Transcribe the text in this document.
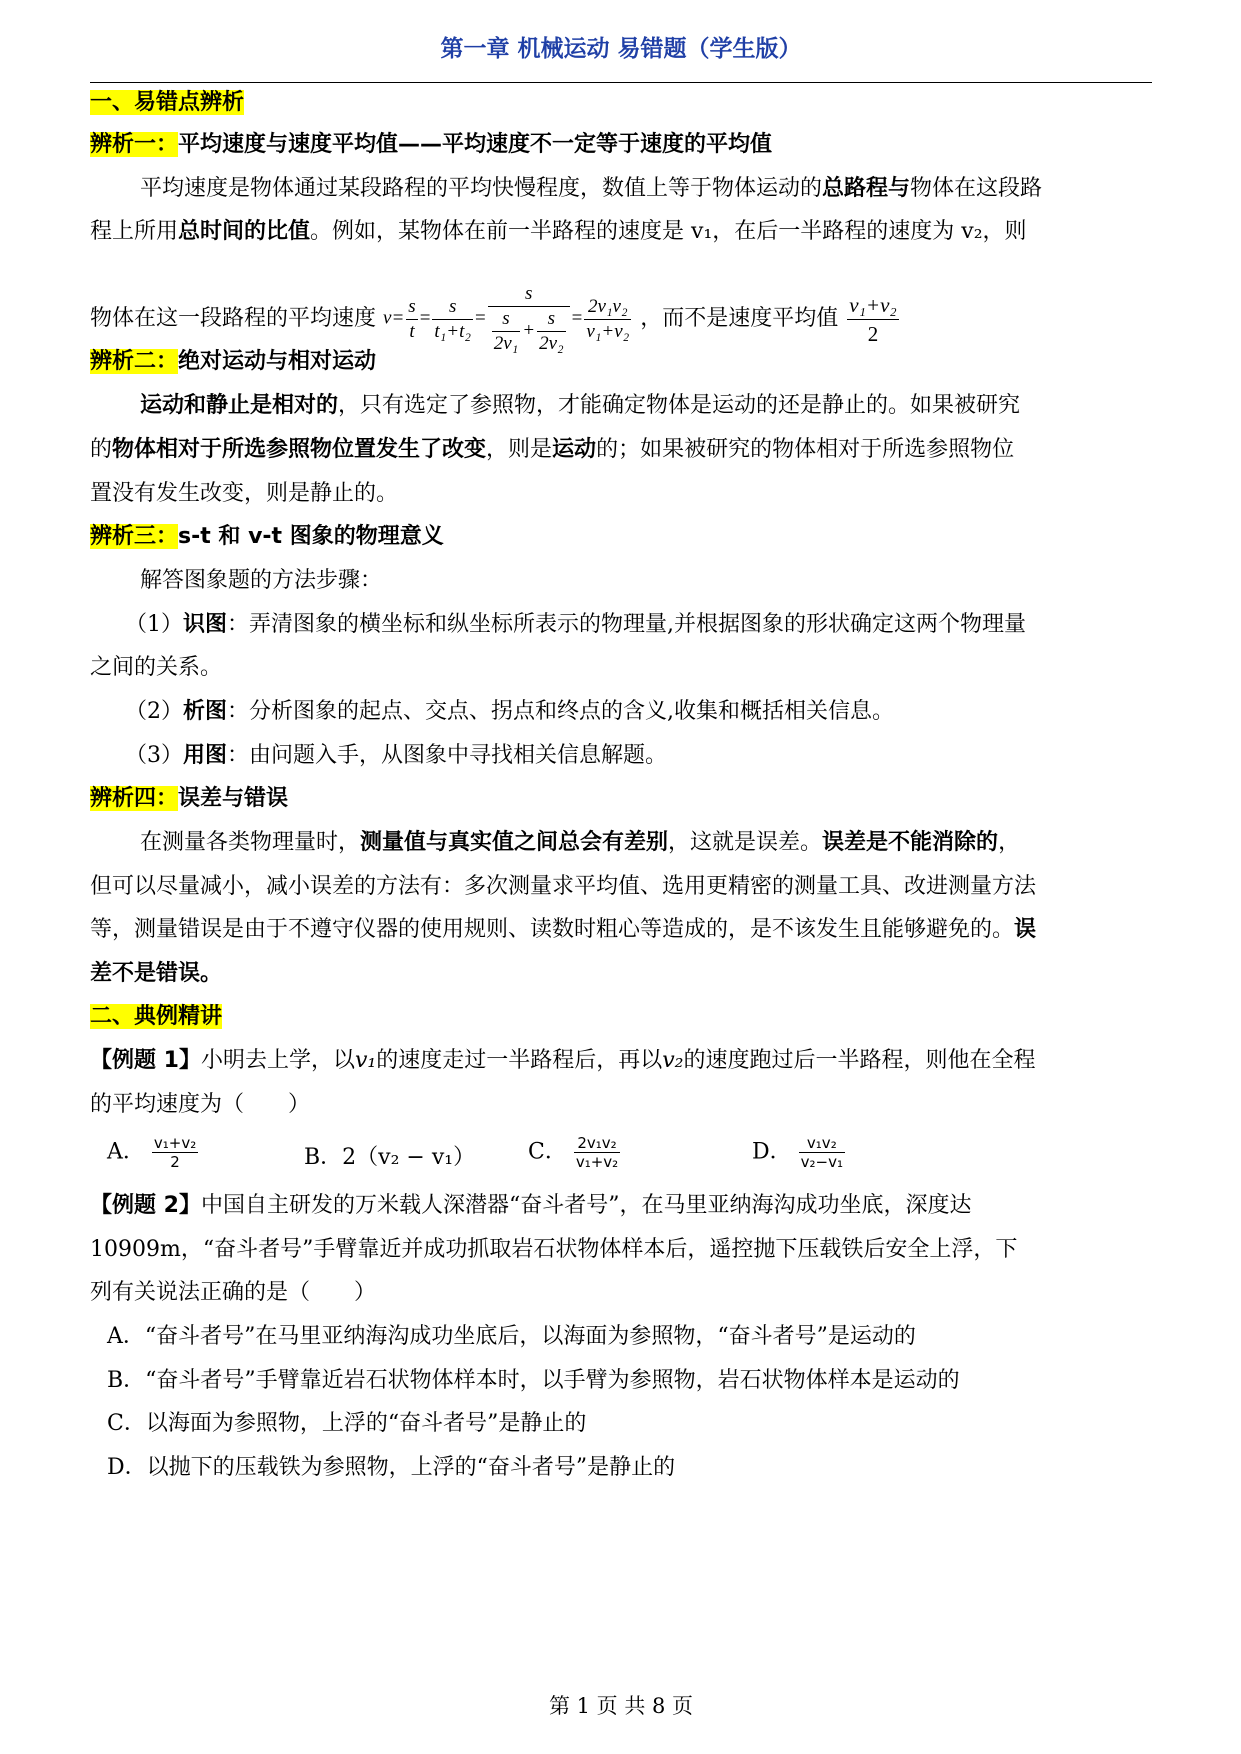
第一章 机械运动 易错题（学生版）
一、易错点辨析
辨析一：平均速度与速度平均值——平均速度不一定等于速度的平均值
平均速度是物体通过某段路程的平均快慢程度，数值上等于物体运动的总路程与物体在这段路
程上所用总时间的比值。例如，某物体在前一半路程的速度是 v₁，在后一半路程的速度为 v₂，则
物体在这一段路程的平均速度 $v= \frac{s}{t} = \frac{s}{\text{t₁+t₂}} = \frac{s}{\frac{s}{\text{2v₁}} + \frac{s}{\text{2v₂}}} = \frac{\text{2v₁v₂}}{\text{v₁+v₂}}$ ，而不是速度平均值 $\frac{\text{v₁+v₂}}{2}$
辨析二：绝对运动与相对运动
运动和静止是相对的，只有选定了参照物，才能确定物体是运动的还是静止的。如果被研究
的物体相对于所选参照物位置发生了改变，则是运动的；如果被研究的物体相对于所选参照物位
置没有发生改变，则是静止的。
辨析三：s-t 和 v-t 图象的物理意义
解答图象题的方法步骤：
（1）识图：弄清图象的横坐标和纵坐标所表示的物理量,并根据图象的形状确定这两个物理量
之间的关系。
（2）析图：分析图象的起点、交点、拐点和终点的含义,收集和概括相关信息。
（3）用图：由问题入手，从图象中寻找相关信息解题。
辨析四：误差与错误
在测量各类物理量时，测量值与真实值之间总会有差别，这就是误差。误差是不能消除的，
但可以尽量减小，减小误差的方法有：多次测量求平均值、选用更精密的测量工具、改进测量方法
等，测量错误是由于不遵守仪器的使用规则、读数时粗心等造成的，是不该发生且能够避免的。误
差不是错误。
二、典例精讲
【例题 1】小明去上学，以v₁的速度走过一半路程后，再以v₂的速度跑过后一半路程，则他在全程
的平均速度为（　　）
A． $\frac{\text{v₁+v₂}}{2}$	B．2（v₂ − v₁） C． $\frac{\text{2v₁v₂}}{\text{v₁+v₂}}$	D． $\frac{\text{v₁v₂}}{\text{v₂−v₁}}$
【例题 2】中国自主研发的万米载人深潜器“奋斗者号”，在马里亚纳海沟成功坐底，深度达
10909m，“奋斗者号”手臂靠近并成功抓取岩石状物体样本后，遥控抛下压载铁后安全上浮，下
列有关说法正确的是（　　）
A．“奋斗者号”在马里亚纳海沟成功坐底后，以海面为参照物，“奋斗者号”是运动的
B．“奋斗者号”手臂靠近岩石状物体样本时，以手臂为参照物，岩石状物体样本是运动的
C．以海面为参照物，上浮的“奋斗者号”是静止的
D．以抛下的压载铁为参照物，上浮的“奋斗者号”是静止的
第 1 页 共 8 页
